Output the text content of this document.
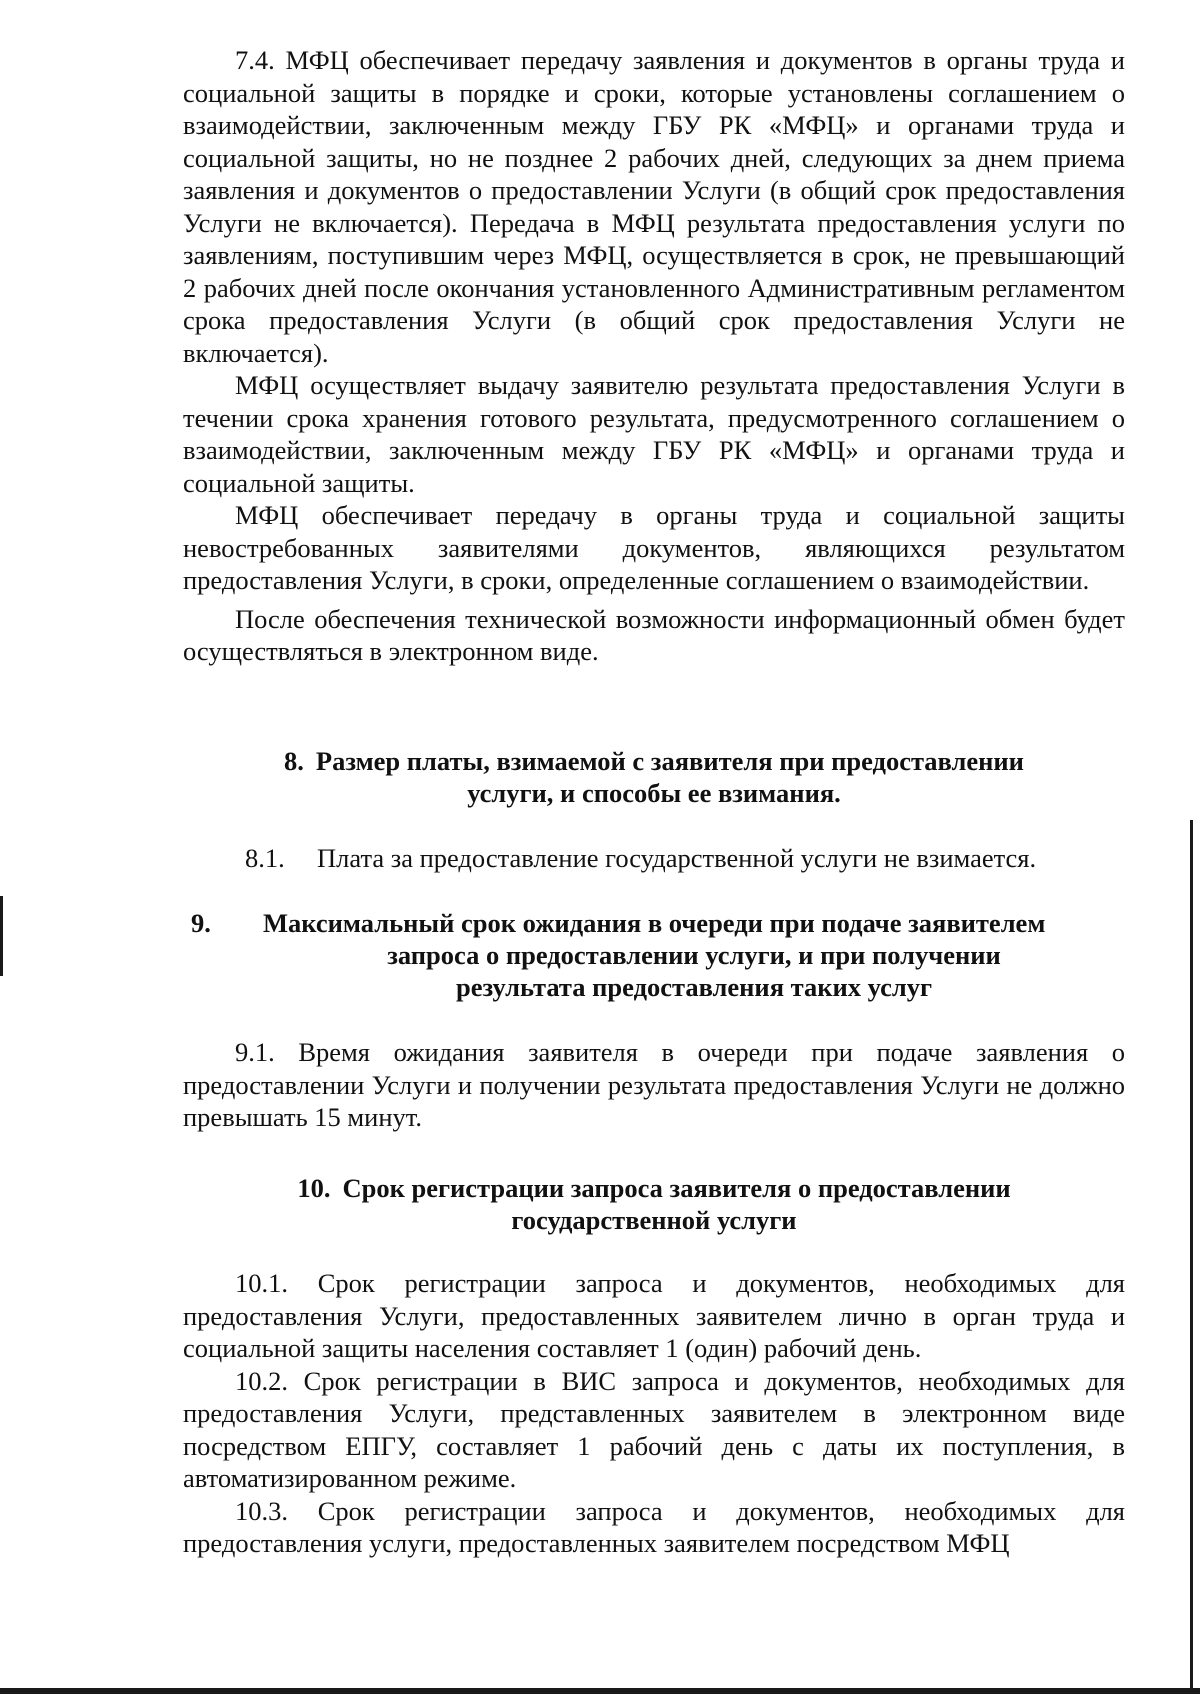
7.4. МФЦ обеспечивает передачу заявления и документов в органы труда и социальной защиты в порядке и сроки, которые установлены соглашением о взаимодействии, заключенным между ГБУ РК «МФЦ» и органами труда и социальной защиты, но не позднее 2 рабочих дней, следующих за днем приема заявления и документов о предоставлении Услуги (в общий срок предоставления Услуги не включается). Передача в МФЦ результата предоставления услуги по заявлениям, поступившим через МФЦ, осуществляется в срок, не превышающий 2 рабочих дней после окончания установленного Административным регламентом срока предоставления Услуги (в общий срок предоставления Услуги не включается).

МФЦ осуществляет выдачу заявителю результата предоставления Услуги в течении срока хранения готового результата, предусмотренного соглашением о взаимодействии, заключенным между ГБУ РК «МФЦ» и органами труда и социальной защиты.

МФЦ обеспечивает передачу в органы труда и социальной защиты невостребованных заявителями документов, являющихся результатом предоставления Услуги, в сроки, определенные соглашением о взаимодействии.

После обеспечения технической возможности информационный обмен будет осуществляться в электронном виде.

8. Размер платы, взимаемой с заявителя при предоставлении
услуги, и способы ее взимания.
8.1. Плата за предоставление государственной услуги не взимается.
9. Максимальный срок ожидания в очереди при подаче заявителем
запроса о предоставлении услуги, и при получении
результата предоставления таких услуг

9.1. Время ожидания заявителя в очереди при подаче заявления о предоставлении Услуги и получении результата предоставления Услуги не должно превышать 15 минут.

10. Срок регистрации запроса заявителя о предоставлении
государственной услуги

10.1. Срок регистрации запроса и документов, необходимых для предоставления Услуги, предоставленных заявителем лично в орган труда и социальной защиты населения составляет 1 (один) рабочий день.

10.2. Срок регистрации в ВИС запроса и документов, необходимых для предоставления Услуги, представленных заявителем в электронном виде посредством ЕПГУ, составляет 1 рабочий день с даты их поступления, в автоматизированном режиме.

10.3. Срок регистрации запроса и документов, необходимых для предоставления услуги, предоставленных заявителем посредством МФЦ
